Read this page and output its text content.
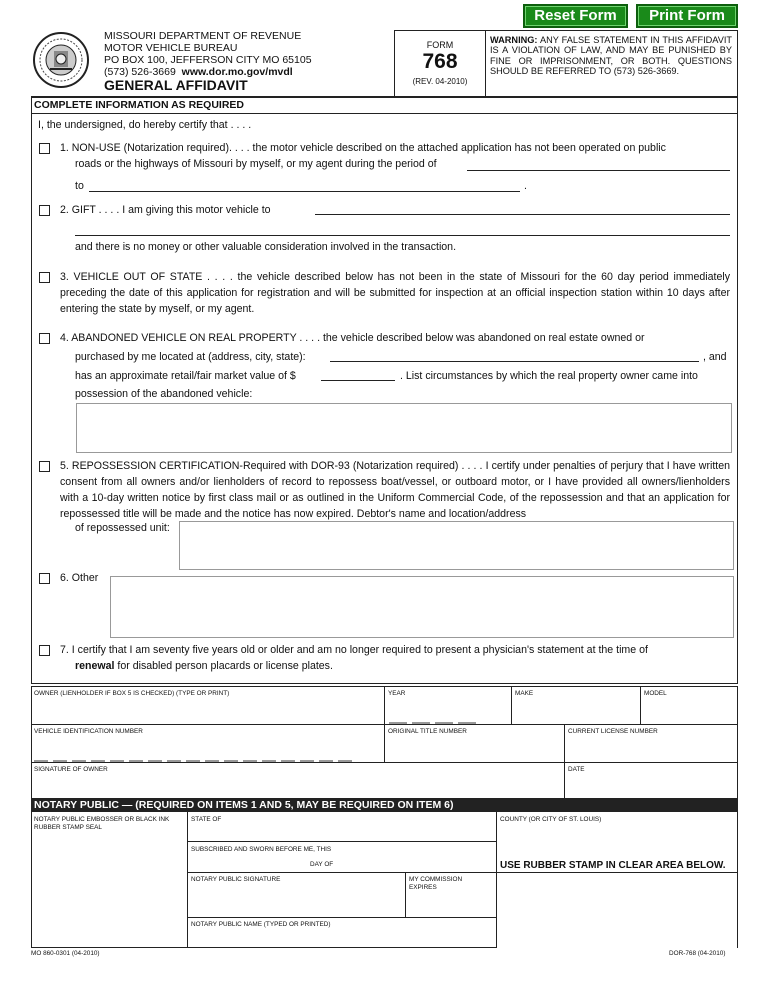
Reset Form	Print Form
MISSOURI DEPARTMENT OF REVENUE
MOTOR VEHICLE BUREAU
PO BOX 100, JEFFERSON CITY MO 65105
(573) 526-3669 www.dor.mo.gov/mvdl
GENERAL AFFIDAVIT
FORM
768
(REV. 04-2010)
WARNING: ANY FALSE STATEMENT IN THIS AFFIDAVIT IS A VIOLATION OF LAW, AND MAY BE PUNISHED BY FINE OR IMPRISONMENT, OR BOTH. QUESTIONS SHOULD BE REFERRED TO (573) 526-3669.
COMPLETE INFORMATION AS REQUIRED
I, the undersigned, do hereby certify that . . . .
1. NON-USE (Notarization required). . . . the motor vehicle described on the attached application has not been operated on public
roads or the highways of Missouri by myself, or my agent during the period of
to	.
2. GIFT . . . . I am giving this motor vehicle to
and there is no money or other valuable consideration involved in the transaction.
3. VEHICLE OUT OF STATE . . . . the vehicle described below has not been in the state of Missouri for the 60 day period immediately preceding the date of this application for registration and will be submitted for inspection at an official inspection station within 10 days after entering the state by myself, or my agent.
4. ABANDONED VEHICLE ON REAL PROPERTY . . . . the vehicle described below was abandoned on real estate owned or
purchased by me located at (address, city, state):	, and
has an approximate retail/fair market value of $	. List circumstances by which the real property owner came into
possession of the abandoned vehicle:
5. REPOSSESSION CERTIFICATION-Required with DOR-93 (Notarization required) . . . . I certify under penalties of perjury that I have written consent from all owners and/or lienholders of record to repossess boat/vessel, or outboard motor, or I have provided all owners/lienholders with a 10-day written notice by first class mail or as outlined in the Uniform Commercial Code, of the repossession and that an application for repossessed title will be made and the notice has now expired. Debtor's name and location/address
of repossessed unit:
6. Other
7. I certify that I am seventy five years old or older and am no longer required to present a physician's statement at the time of
renewal for disabled person placards or license plates.
OWNER (LIENHOLDER IF BOX 5 IS CHECKED) (TYPE OR PRINT)	YEAR	MAKE	MODEL
VEHICLE IDENTIFICATION NUMBER	ORIGINAL TITLE NUMBER	CURRENT LICENSE NUMBER
SIGNATURE OF OWNER	DATE
NOTARY PUBLIC — (REQUIRED ON ITEMS 1 AND 5, MAY BE REQUIRED ON ITEM 6)
NOTARY PUBLIC EMBOSSER OR BLACK INK RUBBER STAMP SEAL
STATE OF	COUNTY (OR CITY OF ST. LOUIS)
SUBSCRIBED AND SWORN BEFORE ME, THIS
DAY OF	USE RUBBER STAMP IN CLEAR AREA BELOW.
NOTARY PUBLIC SIGNATURE	MY COMMISSION EXPIRES
NOTARY PUBLIC NAME (TYPED OR PRINTED)
MO 860-0301 (04-2010)	DOR-768 (04-2010)
